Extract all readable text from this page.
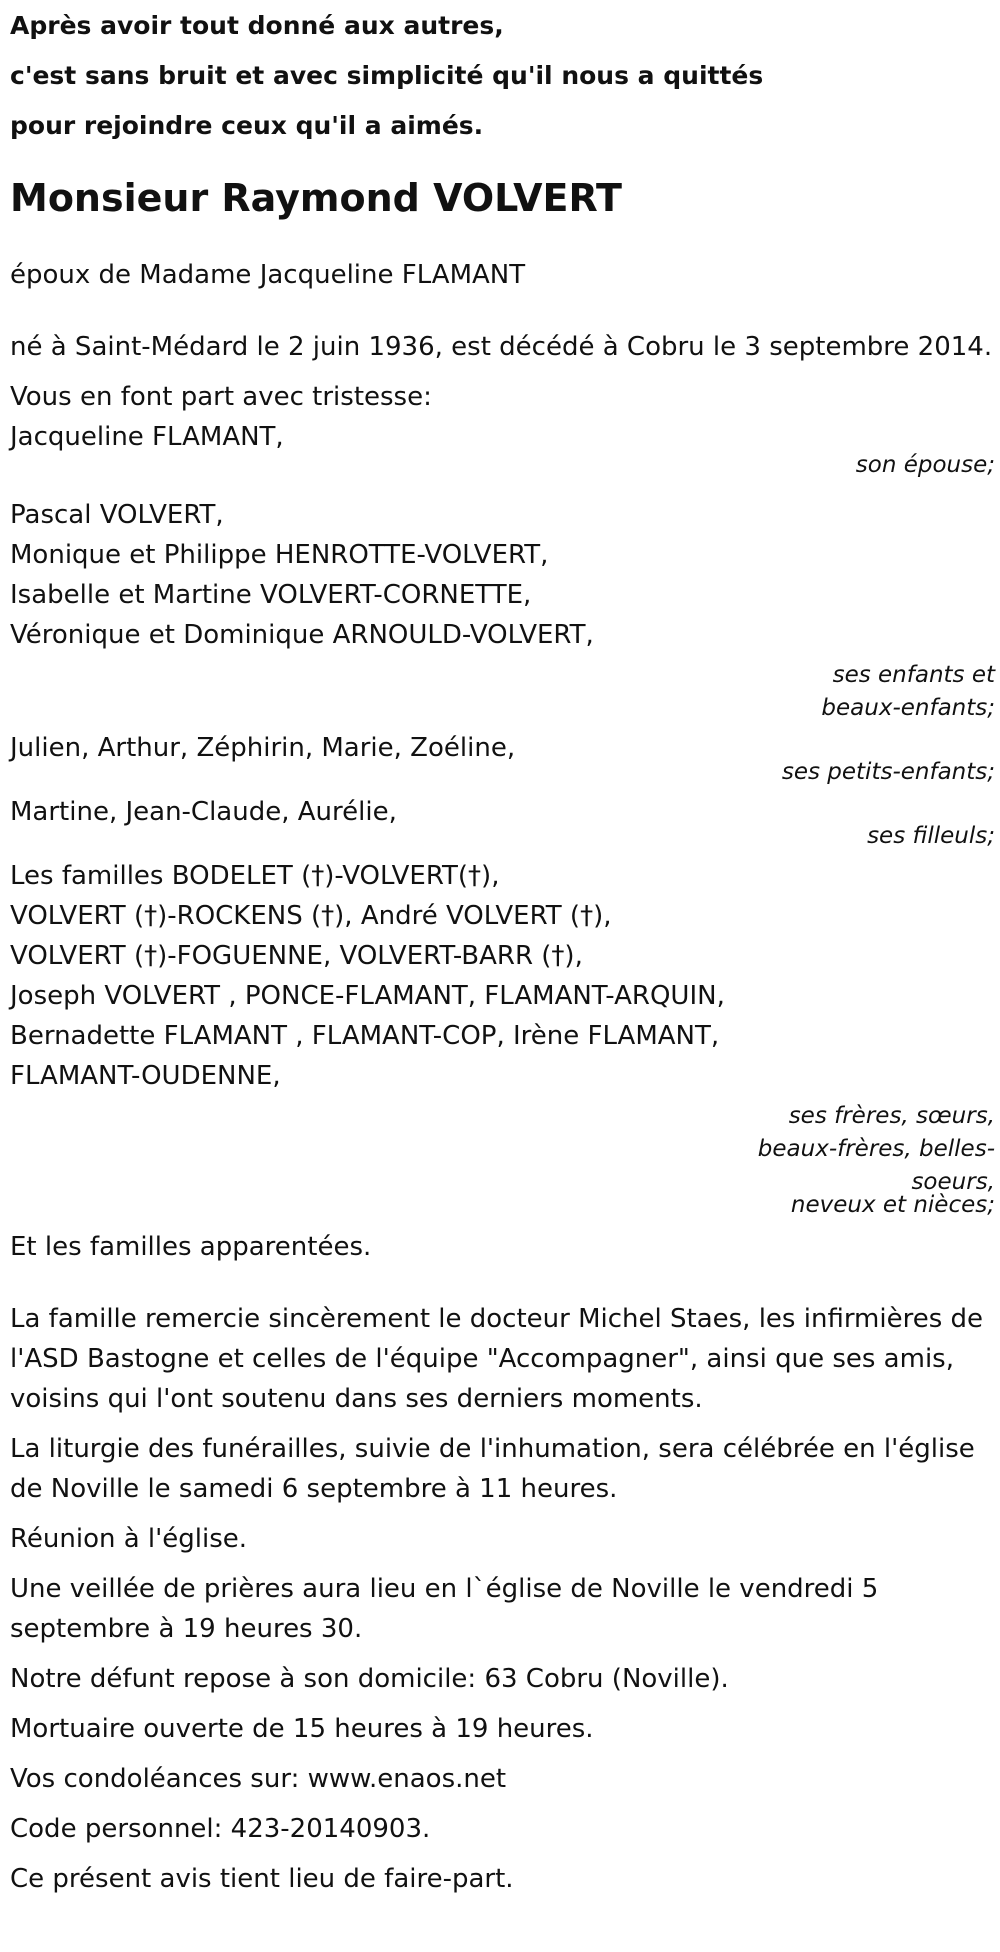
Après avoir tout donné aux autres,
c'est sans bruit et avec simplicité qu'il nous a quittés
pour rejoindre ceux qu'il a aimés.
Monsieur Raymond VOLVERT
époux de Madame Jacqueline FLAMANT
né à Saint-Médard le 2 juin 1936, est décédé à Cobru le 3 septembre 2014.
Vous en font part avec tristesse:
Jacqueline FLAMANT,
son épouse;
Pascal VOLVERT,
Monique et Philippe HENROTTE-VOLVERT,
Isabelle et Martine VOLVERT-CORNETTE,
Véronique et Dominique ARNOULD-VOLVERT,
ses enfants et
beaux-enfants;
Julien, Arthur, Zéphirin, Marie, Zoéline,
ses petits-enfants;
Martine, Jean-Claude, Aurélie,
ses filleuls;
Les familles BODELET (†)-VOLVERT(†),
VOLVERT (†)-ROCKENS (†), André VOLVERT (†),
VOLVERT (†)-FOGUENNE, VOLVERT-BARR (†),
Joseph VOLVERT , PONCE-FLAMANT, FLAMANT-ARQUIN,
Bernadette FLAMANT , FLAMANT-COP, Irène FLAMANT,
FLAMANT-OUDENNE,
ses frères, sœurs,
beaux-frères, belles-
soeurs,
neveux et nièces;
Et les familles apparentées.
La famille remercie sincèrement le docteur Michel Staes, les infirmières de l'ASD Bastogne et celles de l'équipe "Accompagner", ainsi que ses amis, voisins qui l'ont soutenu dans ses derniers moments.
La liturgie des funérailles, suivie de l'inhumation, sera célébrée en l'église de Noville le samedi 6 septembre à 11 heures.
Réunion à l'église.
Une veillée de prières aura lieu en l`église de Noville le vendredi 5 septembre à 19 heures 30.
Notre défunt repose à son domicile: 63 Cobru (Noville).
Mortuaire ouverte de 15 heures à 19 heures.
Vos condoléances sur: www.enaos.net
Code personnel: 423-20140903.
Ce présent avis tient lieu de faire-part.
